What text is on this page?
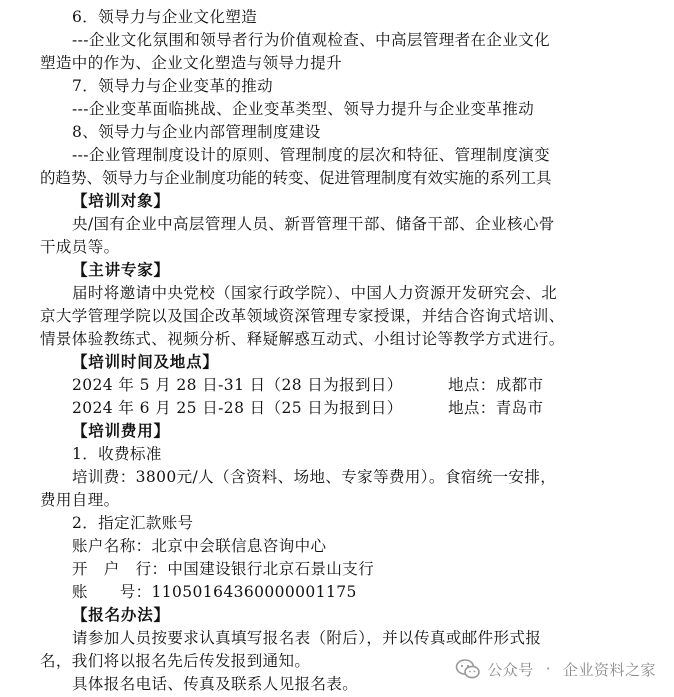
6．领导力与企业文化塑造
---企业文化氛围和领导者行为价值观检查、中高层管理者在企业文化
塑造中的作为、企业文化塑造与领导力提升
7．领导力与企业变革的推动
---企业变革面临挑战、企业变革类型、领导力提升与企业变革推动
8、领导力与企业内部管理制度建设
---企业管理制度设计的原则、管理制度的层次和特征、管理制度演变
的趋势、领导力与企业制度功能的转变、促进管理制度有效实施的系列工具
【培训对象】
央/国有企业中高层管理人员、新晋管理干部、储备干部、企业核心骨
干成员等。
【主讲专家】
届时将邀请中央党校（国家行政学院）、中国人力资源开发研究会、北
京大学管理学院以及国企改革领域资深管理专家授课，并结合咨询式培训、
情景体验教练式、视频分析、释疑解惑互动式、小组讨论等教学方式进行。
【培训时间及地点】
2024 年 5 月 28 日-31 日（28 日为报到日）	地点：成都市
2024 年 6 月 25 日-28 日（25 日为报到日）	地点：青岛市
【培训费用】
1．收费标准
培训费：3800元/人（含资料、场地、专家等费用）。食宿统一安排，
费用自理。
2．指定汇款账号
账户名称：北京中会联信息咨询中心
开　户　行：中国建设银行北京石景山支行
账　　号：11050164360000001175
【报名办法】
请参加人员按要求认真填写报名表（附后），并以传真或邮件形式报
名，我们将以报名先后传发报到通知。
具体报名电话、传真及联系人见报名表。
公众号 · 企业资料之家
